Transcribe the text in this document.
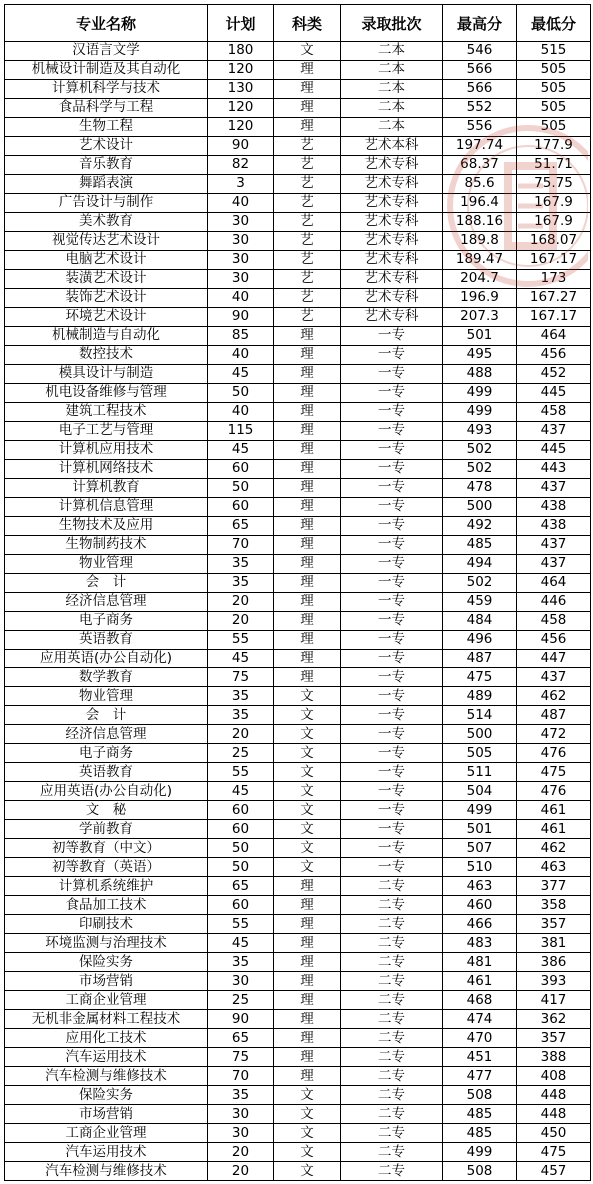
专业名称	计划	科类	录取批次	最高分	最低分
汉语言文学	180	文	二本	546	515
机械设计制造及其自动化	120	理	二本	566	505
计算机科学与技术	130	理	二本	566	505
食品科学与工程	120	理	二本	552	505
生物工程	120	理	二本	556	505
艺术设计	90	艺	艺术本科	197.74	177.9
音乐教育	82	艺	艺术专科	68.37	51.71
舞蹈表演	3	艺	艺术专科	85.6	75.75
广告设计与制作	40	艺	艺术专科	196.4	167.9
美术教育	30	艺	艺术专科	188.16	167.9
视觉传达艺术设计	30	艺	艺术专科	189.8	168.07
电脑艺术设计	30	艺	艺术专科	189.47	167.17
装潢艺术设计	30	艺	艺术专科	204.7	173
装饰艺术设计	40	艺	艺术专科	196.9	167.27
环境艺术设计	90	艺	艺术专科	207.3	167.17
机械制造与自动化	85	理	一专	501	464
数控技术	40	理	一专	495	456
模具设计与制造	45	理	一专	488	452
机电设备维修与管理	50	理	一专	499	445
建筑工程技术	40	理	一专	499	458
电子工艺与管理	115	理	一专	493	437
计算机应用技术	45	理	一专	502	445
计算机网络技术	60	理	一专	502	443
计算机教育	50	理	一专	478	437
计算机信息管理	60	理	一专	500	438
生物技术及应用	65	理	一专	492	438
生物制药技术	70	理	一专	485	437
物业管理	35	理	一专	494	437
会　计	35	理	一专	502	464
经济信息管理	20	理	一专	459	446
电子商务	20	理	一专	484	458
英语教育	55	理	一专	496	456
应用英语(办公自动化)	45	理	一专	487	447
数学教育	75	理	一专	475	437
物业管理	35	文	一专	489	462
会　计	35	文	一专	514	487
经济信息管理	20	文	一专	500	472
电子商务	25	文	一专	505	476
英语教育	55	文	一专	511	475
应用英语(办公自动化)	45	文	一专	504	476
文　秘	60	文	一专	499	461
学前教育	60	文	一专	501	461
初等教育（中文）	50	文	一专	507	462
初等教育（英语）	50	文	一专	510	463
计算机系统维护	65	理	二专	463	377
食品加工技术	60	理	二专	460	358
印刷技术	55	理	二专	466	357
环境监测与治理技术	45	理	二专	483	381
保险实务	35	理	二专	481	386
市场营销	30	理	二专	461	393
工商企业管理	25	理	二专	468	417
无机非金属材料工程技术	90	理	二专	474	362
应用化工技术	65	理	二专	470	357
汽车运用技术	75	理	二专	451	388
汽车检测与维修技术	70	理	二专	477	408
保险实务	35	文	二专	508	448
市场营销	30	文	二专	485	448
工商企业管理	30	文	二专	485	450
汽车运用技术	20	文	二专	499	475
汽车检测与维修技术	20	文	二专	508	457
